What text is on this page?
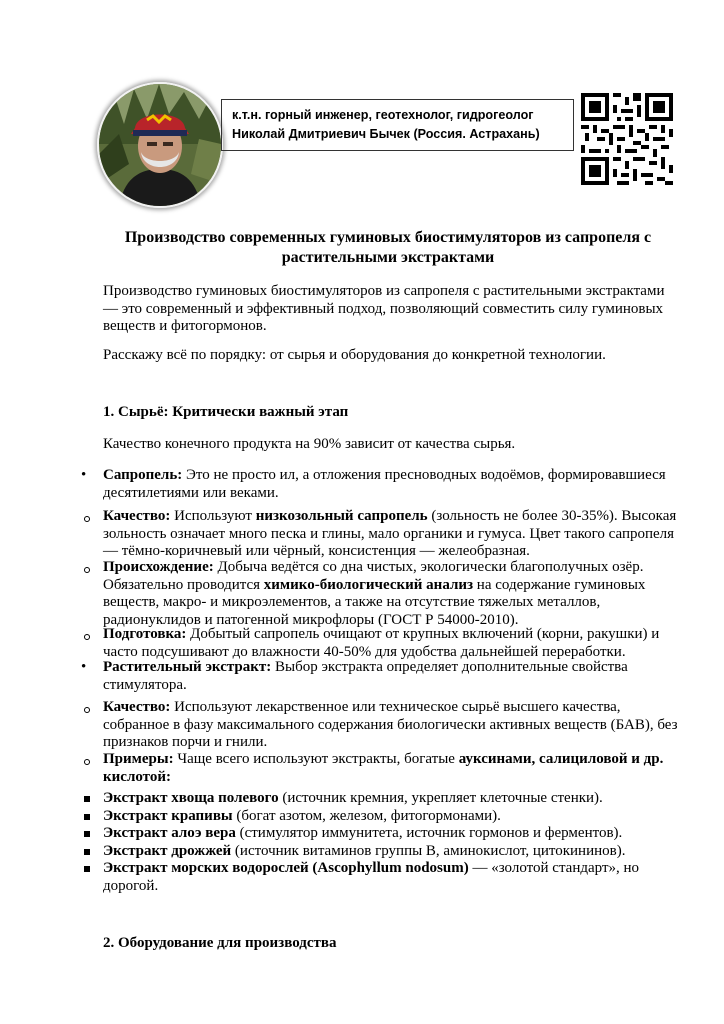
к.т.н. горный инженер, геотехнолог, гидрогеолог
Николай Дмитриевич Бычек (Россия. Астрахань)
Производство современных гуминовых биостимуляторов из сапропеля с растительными экстрактами
Производство гуминовых биостимуляторов из сапропеля с растительными экстрактами — это современный и эффективный подход, позволяющий совместить силу гуминовых веществ и фитогормонов.
Расскажу всё по порядку: от сырья и оборудования до конкретной технологии.
1. Сырьё: Критически важный этап
Качество конечного продукта на 90% зависит от качества сырья.
• Сапропель: Это не просто ил, а отложения пресноводных водоёмов, формировавшиеся десятилетиями или веками.
Качество: Используют низкозольный сапропель (зольность не более 30-35%). Высокая зольность означает много песка и глины, мало органики и гумуса. Цвет такого сапропеля — тёмно-коричневый или чёрный, консистенция — желеобразная.
Происхождение: Добыча ведётся со дна чистых, экологически благополучных озёр. Обязательно проводится химико-биологический анализ на содержание гуминовых веществ, макро- и микроэлементов, а также на отсутствие тяжелых металлов, радионуклидов и патогенной микрофлоры (ГОСТ Р 54000-2010).
Подготовка: Добытый сапропель очищают от крупных включений (корни, ракушки) и часто подсушивают до влажности 40-50% для удобства дальнейшей переработки.
• Растительный экстракт: Выбор экстракта определяет дополнительные свойства стимулятора.
Качество: Используют лекарственное или техническое сырьё высшего качества, собранное в фазу максимального содержания биологически активных веществ (БАВ), без признаков порчи и гнили.
Примеры: Чаще всего используют экстракты, богатые ауксинами, салициловой и др. кислотой:
Экстракт хвоща полевого (источник кремния, укрепляет клеточные стенки).
Экстракт крапивы (богат азотом, железом, фитогормонами).
Экстракт алоэ вера (стимулятор иммунитета, источник гормонов и ферментов).
Экстракт дрожжей (источник витаминов группы B, аминокислот, цитокининов).
Экстракт морских водорослей (Ascophyllum nodosum) — «золотой стандарт», но дорогой.
2. Оборудование для производства
